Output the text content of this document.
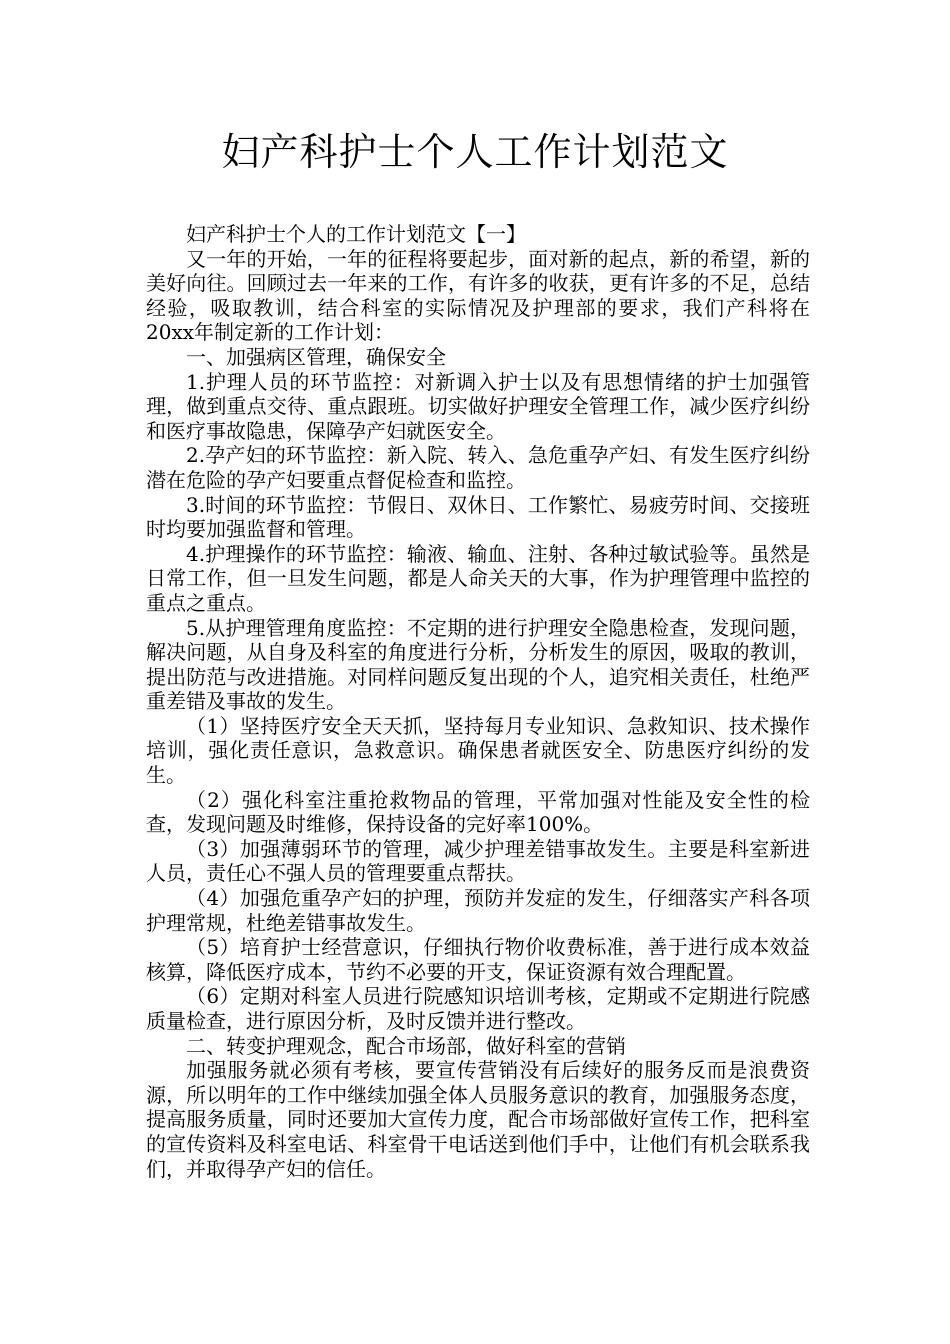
妇产科护士个人工作计划范文

妇产科护士个人的工作计划范文【一】

又一年的开始，一年的征程将要起步，面对新的起点，新的希望，新的美好向往。回顾过去一年来的工作，有许多的收获，更有许多的不足，总结经验，吸取教训，结合科室的实际情况及护理部的要求，我们产科将在20xx年制定新的工作计划：

一、加强病区管理，确保安全

1.护理人员的环节监控：对新调入护士以及有思想情绪的护士加强管理，做到重点交待、重点跟班。切实做好护理安全管理工作，减少医疗纠纷和医疗事故隐患，保障孕产妇就医安全。

2.孕产妇的环节监控：新入院、转入、急危重孕产妇、有发生医疗纠纷潜在危险的孕产妇要重点督促检查和监控。

3.时间的环节监控：节假日、双休日、工作繁忙、易疲劳时间、交接班时均要加强监督和管理。

4.护理操作的环节监控：输液、输血、注射、各种过敏试验等。虽然是日常工作，但一旦发生问题，都是人命关天的大事，作为护理管理中监控的重点之重点。

5.从护理管理角度监控：不定期的进行护理安全隐患检查，发现问题，解决问题，从自身及科室的角度进行分析，分析发生的原因，吸取的教训，提出防范与改进措施。对同样问题反复出现的个人，追究相关责任，杜绝严重差错及事故的发生。

（1）坚持医疗安全天天抓，坚持每月专业知识、急救知识、技术操作培训，强化责任意识，急救意识。确保患者就医安全、防患医疗纠纷的发生。

（2）强化科室注重抢救物品的管理，平常加强对性能及安全性的检查，发现问题及时维修，保持设备的完好率100%。

（3）加强薄弱环节的管理，减少护理差错事故发生。主要是科室新进人员，责任心不强人员的管理要重点帮扶。

（4）加强危重孕产妇的护理，预防并发症的发生，仔细落实产科各项护理常规，杜绝差错事故发生。

（5）培育护士经营意识，仔细执行物价收费标准，善于进行成本效益核算，降低医疗成本，节约不必要的开支，保证资源有效合理配置。

（6）定期对科室人员进行院感知识培训考核，定期或不定期进行院感质量检查，进行原因分析，及时反馈并进行整改。

二、转变护理观念，配合市场部，做好科室的营销

加强服务就必须有考核，要宣传营销没有后续好的服务反而是浪费资源，所以明年的工作中继续加强全体人员服务意识的教育，加强服务态度，提高服务质量，同时还要加大宣传力度，配合市场部做好宣传工作，把科室的宣传资料及科室电话、科室骨干电话送到他们手中，让他们有机会联系我们，并取得孕产妇的信任。
